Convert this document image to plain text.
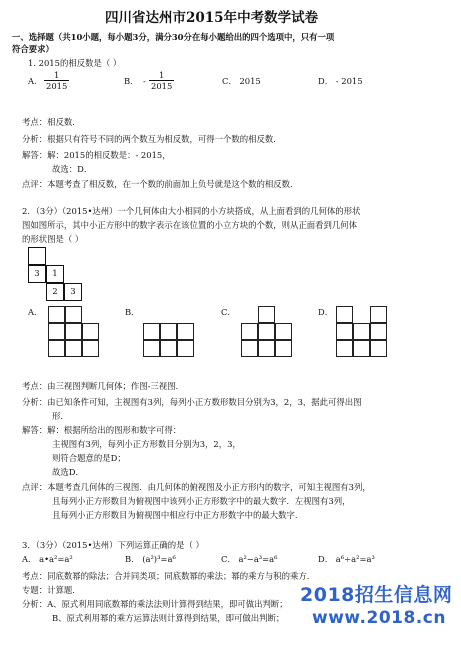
四川省达州市2015年中考数学试卷
一、选择题（共10小题，每小题3分，满分30分在每小题给出的四个选项中，只有一项
符合要求）
1. 2015的相反数是（ ）
A． $\frac{1}{2015}$	B． - $\frac{1}{2015}$	C． 2015	D． - 2015
考点：相反数．
分析：根据只有符号不同的两个数互为相反数，可得一个数的相反数．
解答：解：2015的相反数是：- 2015，
故选：D．
点评：本题考查了相反数，在一个数的前面加上负号就是这个数的相反数．
2．（3分）（2015•达州）一个几何体由大小相同的小方块搭成，从上面看到的几何体的形状
图如图所示，其中小正方形中的数字表示在该位置的小立方块的个数，则从正面看到几何体
的形状图是（ ）
3	1
2	3
A．	B．	C．	D．
考点：由三视图判断几何体；作图-三视图．
分析：由已知条件可知，主视图有3列，每列小正方数形数目分别为3，2，3，据此可得出图
形．
解答：解：根据所给出的图形和数字可得：
主视图有3列，每列小正方形数目分别为3，2，3，
则符合题意的是D；
故选D．
点评：本题考查几何体的三视图．由几何体的俯视图及小正方形内的数字，可知主视图有3列，
且每列小正方形数目为俯视图中该列小正方形数字中的最大数字．左视图有3列，
且每列小正方形数目为俯视图中相应行中正方形数字中的最大数字．
3．（3分）（2015•达州）下列运算正确的是（ ）
A． a•a²=a²	B． (a²)³=a⁶	C． a²−a³=a⁶	D． a⁶÷a²=a³
考点：同底数幂的除法；合并同类项；同底数幂的乘法；幂的乘方与积的乘方．
专题：计算题．
分析：A、原式利用同底数幂的乘法法则计算得到结果，即可做出判断；
B、原式利用幂的乘方运算法则计算得到结果，即可做出判断；
2018招生信息网
www.2018.cn
